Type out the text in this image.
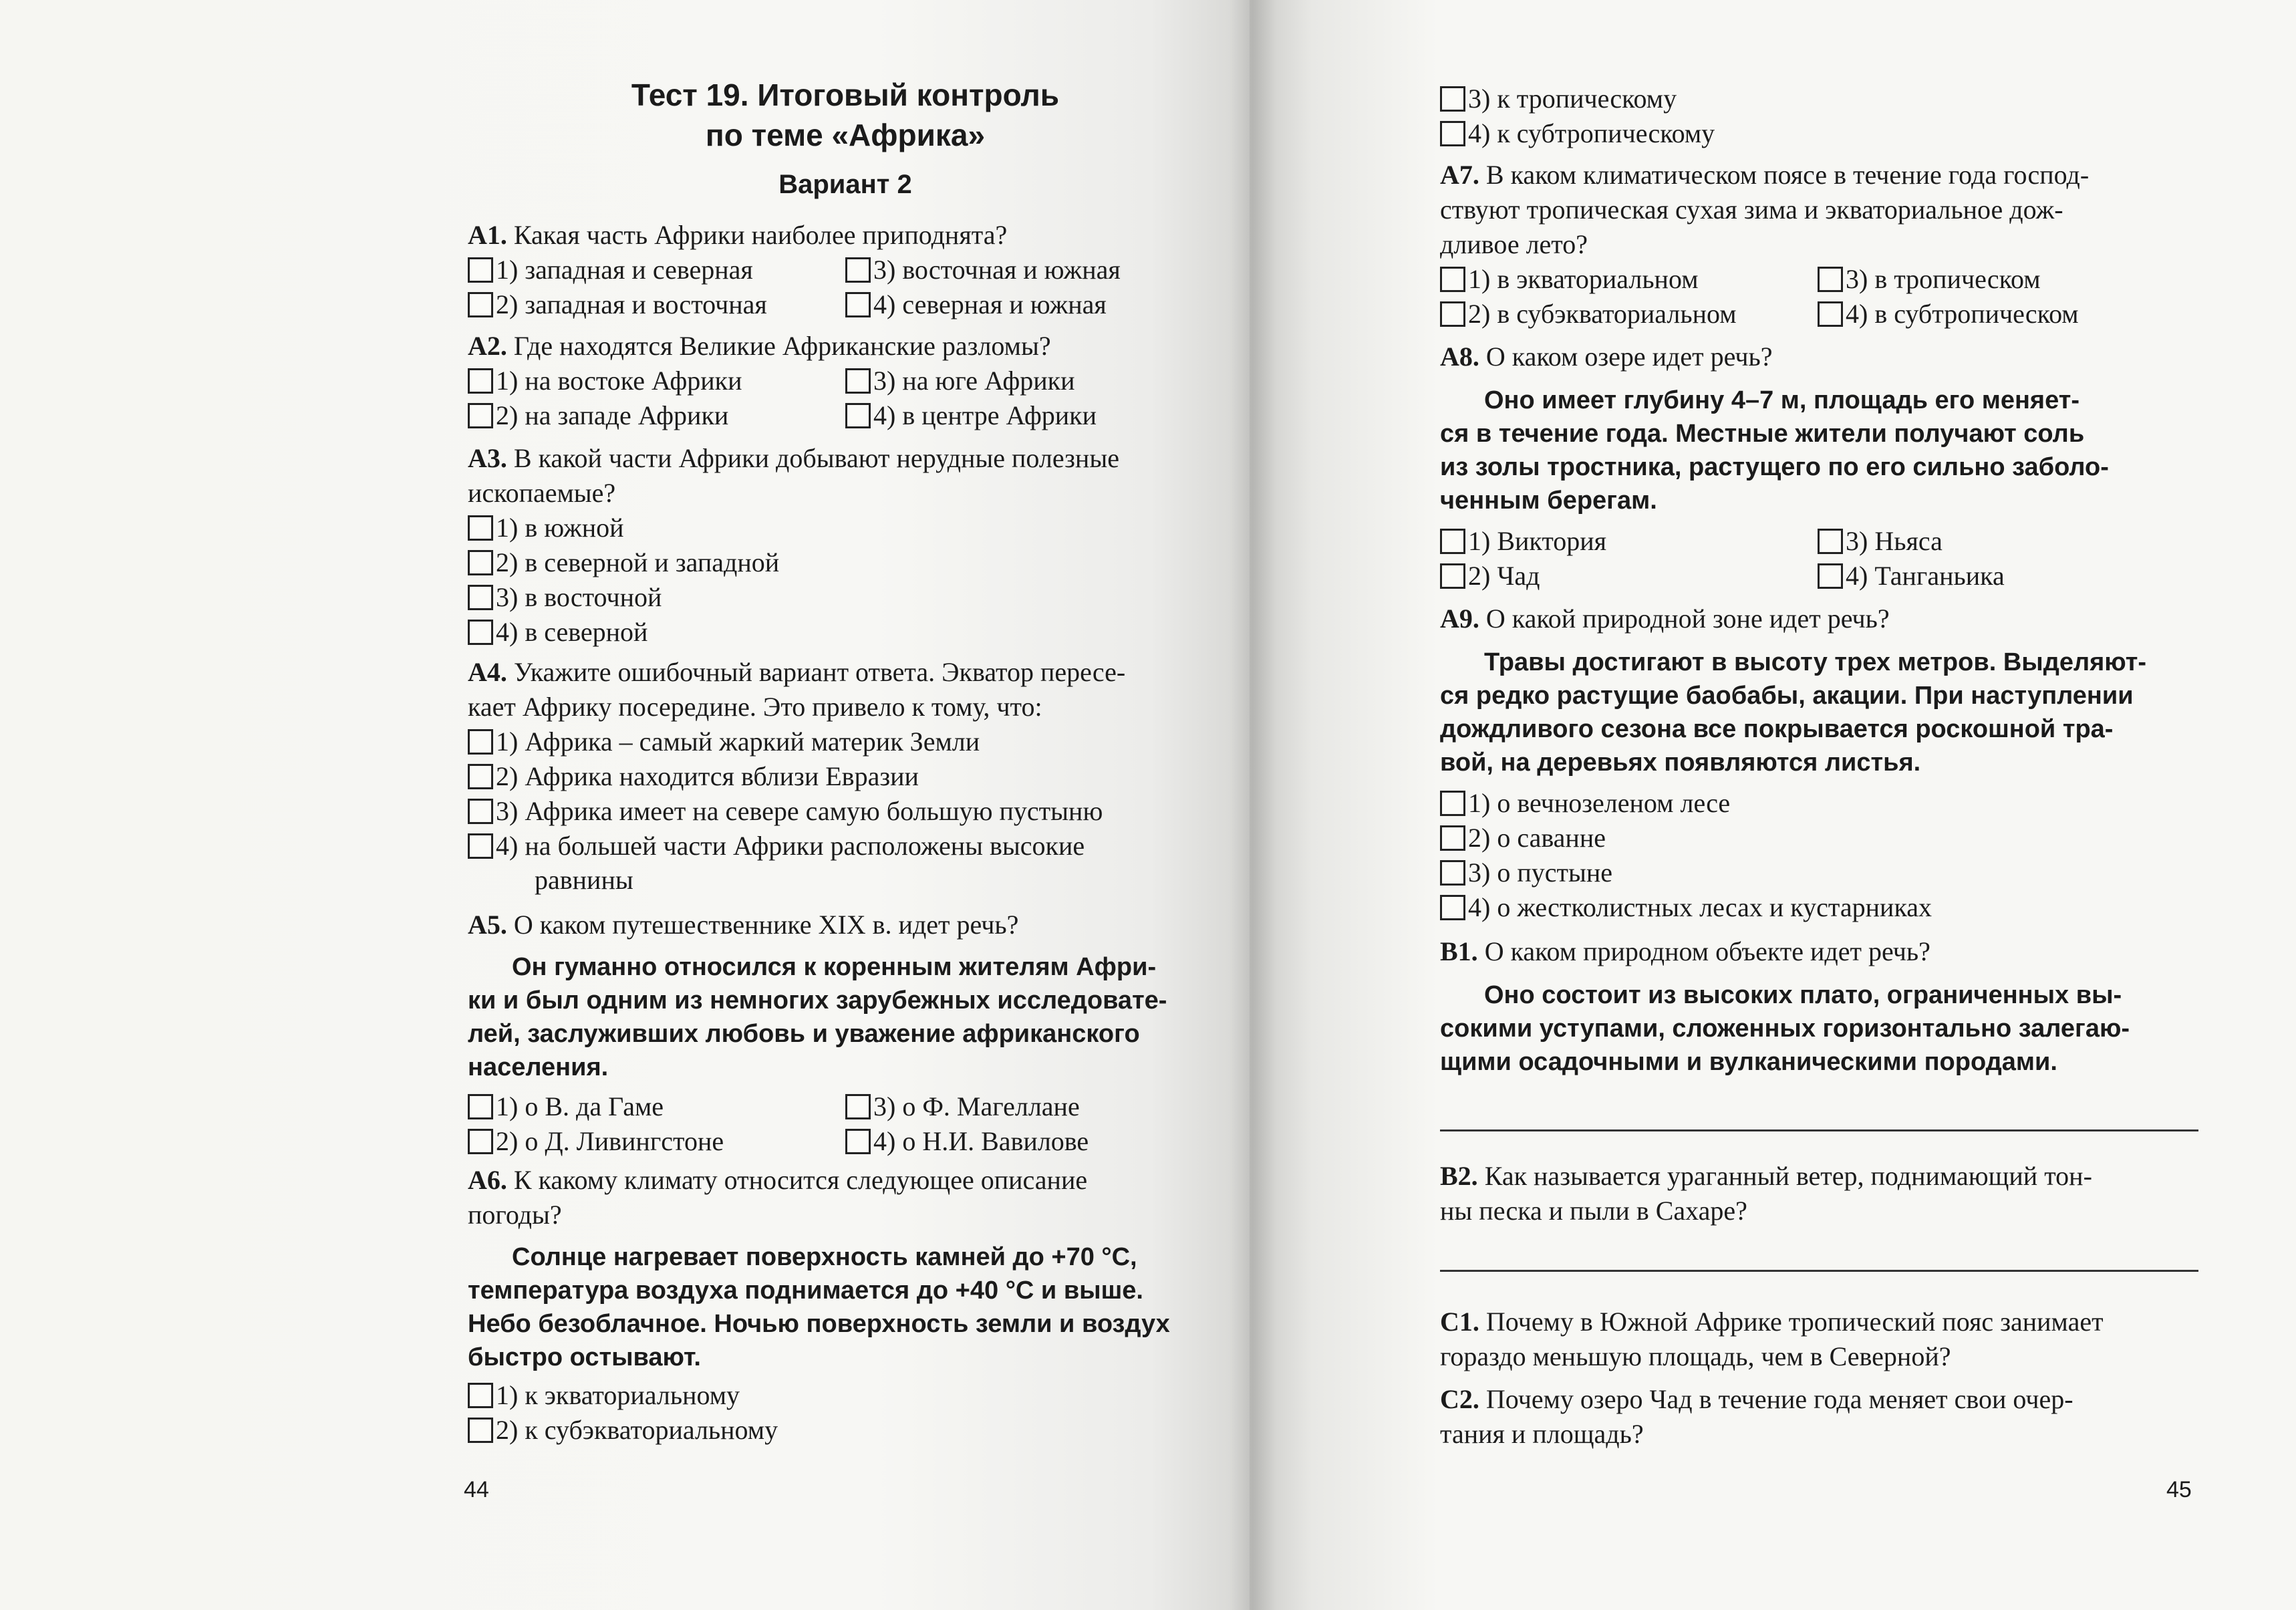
Тест 19. Итоговый контроль

по теме «Африка»

Вариант 2

А1. Какая часть Африки наиболее приподнята?

1) западная и северная	3) восточная и южная
2) западная и восточная	4) северная и южная

А2. Где находятся Великие Африканские разломы?

1) на востоке Африки	3) на юге Африки
2) на западе Африки	4) в центре Африки

А3. В какой части Африки добывают нерудные полезные

ископаемые?

1) в южной
2) в северной и западной
3) в восточной
4) в северной

А4. Укажите ошибочный вариант ответа. Экватор пересе-

кает Африку посередине. Это привело к тому, что:

1) Африка – самый жаркий материк Земли
2) Африка находится вблизи Евразии
3) Африка имеет на севере самую большую пустыню
4) на большей части Африки расположены высокие
равнины

А5. О каком путешественнике XIX в. идет речь?

Он гуманно относился к коренным жителям Афри-

ки и был одним из немногих зарубежных исследовате-

лей, заслуживших любовь и уважение африканского

населения.

1) о В. да Гаме	3) о Ф. Магеллане
2) о Д. Ливингстоне	4) о Н.И. Вавилове

А6. К какому климату относится следующее описание

погоды?

Солнце нагревает поверхность камней до +70 °С,

температура воздуха поднимается до +40 °С и выше.

Небо безоблачное. Ночью поверхность земли и воздух

быстро остывают.

1) к экваториальному
2) к субэкваториальному
44
3) к тропическому
4) к субтропическому

А7. В каком климатическом поясе в течение года господ-

ствуют тропическая сухая зима и экваториальное дож-

дливое лето?

1) в экваториальном	3) в тропическом
2) в субэкваториальном	4) в субтропическом

А8. О каком озере идет речь?

Оно имеет глубину 4–7 м, площадь его меняет-

ся в течение года. Местные жители получают соль

из золы тростника, растущего по его сильно заболо-

ченным берегам.

1) Виктория	3) Ньяса
2) Чад	4) Танганьика

А9. О какой природной зоне идет речь?

Травы достигают в высоту трех метров. Выделяют-

ся редко растущие баобабы, акации. При наступлении

дождливого сезона все покрывается роскошной тра-

вой, на деревьях появляются листья.

1) о вечнозеленом лесе
2) о саванне
3) о пустыне
4) о жестколистных лесах и кустарниках

В1. О каком природном объекте идет речь?

Оно состоит из высоких плато, ограниченных вы-

сокими уступами, сложенных горизонтально залегаю-

щими осадочными и вулканическими породами.

В2. Как называется ураганный ветер, поднимающий тон-

ны песка и пыли в Сахаре?

С1. Почему в Южной Африке тропический пояс занимает

гораздо меньшую площадь, чем в Северной?

С2. Почему озеро Чад в течение года меняет свои очер-

тания и площадь?

45
